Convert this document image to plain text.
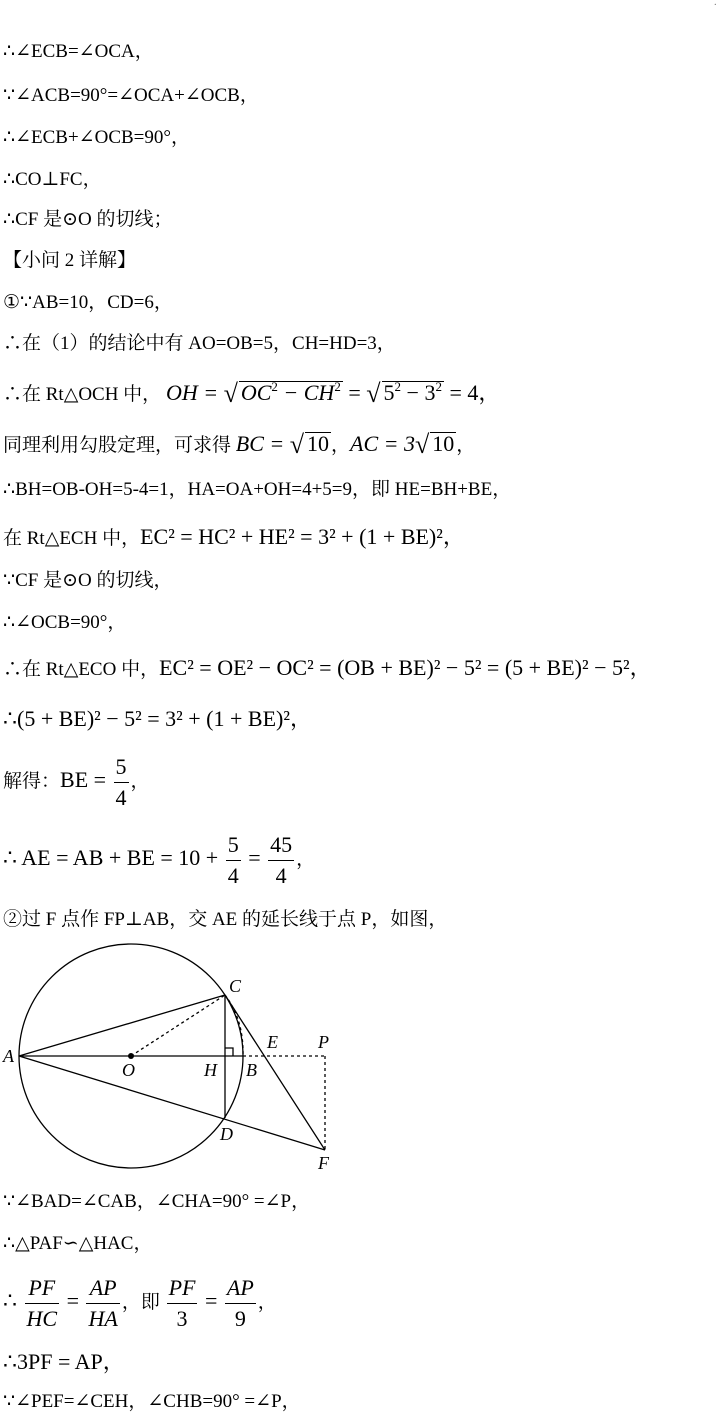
·
∴∠ECB=∠OCA，
∵∠ACB=90°=∠OCA+∠OCB，
∴∠ECB+∠OCB=90°，
∴CO⊥FC，
∴CF 是⊙O 的切线；
【小问 2 详解】
①∵AB=10，CD=6，
∴在（1）的结论中有 AO=OB=5，CH=HD=3，
∴在 Rt△OCH 中， OH = √ $OC^2 - CH^2$ = √ $5^2 - 3^2 = 4$，
同理利用勾股定理，可求得 BC = √ 10 ，AC = 3√ 10 ，
∴BH=OB-OH=5-4=1，HA=OA+OH=4+5=9，即 HE=BH+BE，
在 Rt△ECH 中，EC² = HC² + HE² = 3² + (1 + BE)²，
∵CF 是⊙O 的切线，
∴∠OCB=90°，
∴在 Rt△ECO 中，EC² = OE² − OC² = (OB + BE)² − 5² = (5 + BE)² − 5²，
∴(5 + BE)² − 5² = 3² + (1 + BE)²，
解得：BE = $\frac{5}{4}$ ，
∴ AE = AB + BE = $10 + \frac{5}{4} = \frac{45}{4}$ ，
②过 F 点作 FP⊥AB，交 AE 的延长线于点 P，如图，
A
O	H B
C
D
E P
F
∵∠BAD=∠CAB，∠CHA=90° =∠P，
∴△PAF∽△HAC，
∴ $\frac{PF}{HC} = \frac{AP}{HA}$ ，即 $\frac{PF}{3} = \frac{AP}{9}$ ，
∴3PF = AP，
∵∠PEF=∠CEH，∠CHB=90° =∠P，
